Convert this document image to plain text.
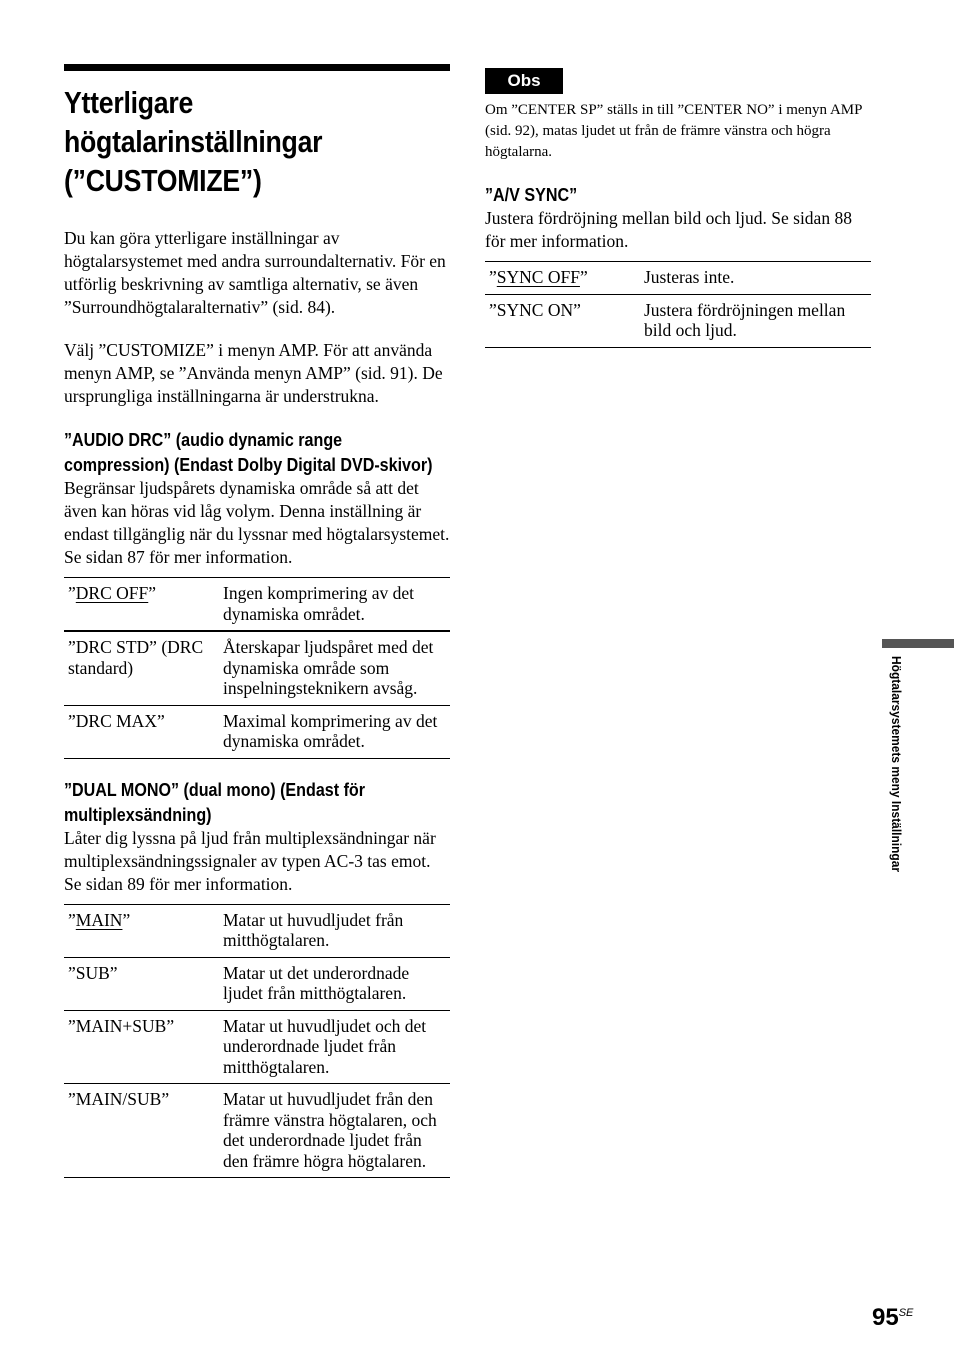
Ytterligare högtalarinställningar (”CUSTOMIZE”)

Du kan göra ytterligare inställningar av högtalarsystemet med andra surroundalternativ. För en utförlig beskrivning av samtliga alternativ, se även ”Surroundhögtalaralternativ” (sid. 84).

Välj ”CUSTOMIZE” i menyn AMP. För att använda menyn AMP, se ”Använda menyn AMP” (sid. 91). De ursprungliga inställningarna är understrukna.

”AUDIO DRC” (audio dynamic range compression) (Endast Dolby Digital DVD-skivor)

Begränsar ljudspårets dynamiska område så att det även kan höras vid låg volym. Denna inställning är endast tillgänglig när du lyssnar med högtalarsystemet. Se sidan 87 för mer information.

”DRC OFF”	Ingen komprimering av det dynamiska området.
”DRC STD” (DRC standard)	Återskapar ljudspåret med det dynamiska område som inspelningsteknikern avsåg.
”DRC MAX”	Maximal komprimering av det dynamiska området.
”DUAL MONO” (dual mono) (Endast för multiplexsändning)

Låter dig lyssna på ljud från multiplexsändningar när multiplexsändningssignaler av typen AC-3 tas emot. Se sidan 89 för mer information.

”MAIN”	Matar ut huvudljudet från mitthögtalaren.
”SUB”	Matar ut det underordnade ljudet från mitthögtalaren.
”MAIN+SUB”	Matar ut huvudljudet och det underordnade ljudet från mitthögtalaren.
”MAIN/SUB”	Matar ut huvudljudet från den främre vänstra högtalaren, och det underordnade ljudet från den främre högra högtalaren.
Obs

Om ”CENTER SP” ställs in till ”CENTER NO” i menyn AMP (sid. 92), matas ljudet ut från de främre vänstra och högra högtalarna.

”A/V SYNC”

Justera fördröjning mellan bild och ljud. Se sidan 88 för mer information.

”SYNC OFF”	Justeras inte.
”SYNC ON”	Justera fördröjningen mellan bild och ljud.
Högtalarsystemets meny Inställningar
$95^{SE}$
